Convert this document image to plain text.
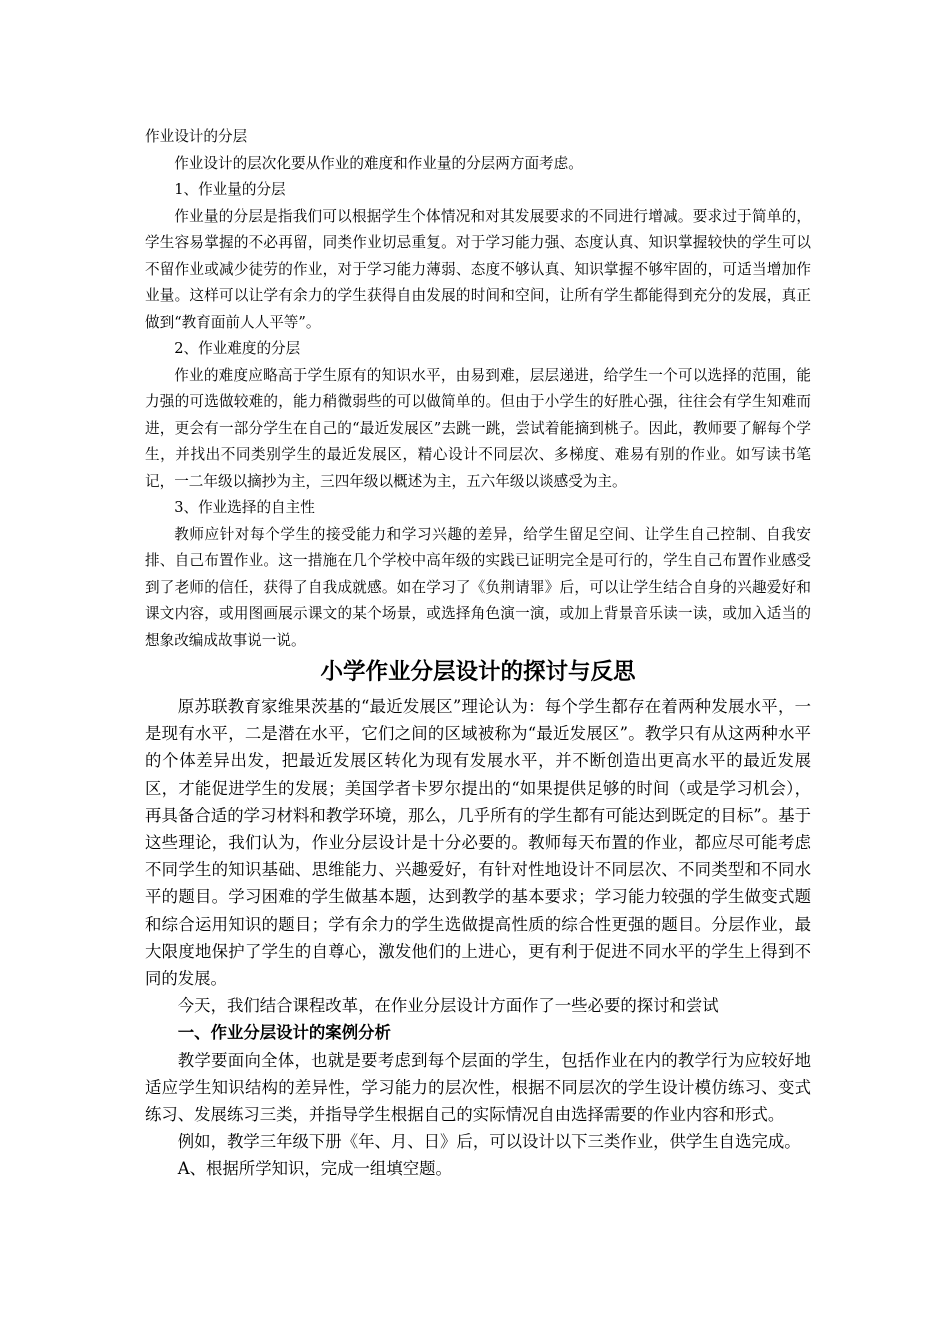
作业设计的分层

作业设计的层次化要从作业的难度和作业量的分层两方面考虑。

1、作业量的分层

作业量的分层是指我们可以根据学生个体情况和对其发展要求的不同进行增减。要求过于简单的，学生容易掌握的不必再留，同类作业切忌重复。对于学习能力强、态度认真、知识掌握较快的学生可以不留作业或减少徒劳的作业，对于学习能力薄弱、态度不够认真、知识掌握不够牢固的，可适当增加作业量。这样可以让学有余力的学生获得自由发展的时间和空间，让所有学生都能得到充分的发展，真正做到“教育面前人人平等”。

2、作业难度的分层

作业的难度应略高于学生原有的知识水平，由易到难，层层递进，给学生一个可以选择的范围，能力强的可选做较难的，能力稍微弱些的可以做简单的。但由于小学生的好胜心强，往往会有学生知难而进，更会有一部分学生在自己的“最近发展区”去跳一跳，尝试着能摘到桃子。因此，教师要了解每个学生，并找出不同类别学生的最近发展区，精心设计不同层次、多梯度、难易有别的作业。如写读书笔记，一二年级以摘抄为主，三四年级以概述为主，五六年级以谈感受为主。

3、作业选择的自主性

教师应针对每个学生的接受能力和学习兴趣的差异，给学生留足空间、让学生自己控制、自我安排、自己布置作业。这一措施在几个学校中高年级的实践已证明完全是可行的，学生自己布置作业感受到了老师的信任，获得了自我成就感。如在学习了《负荆请罪》后，可以让学生结合自身的兴趣爱好和课文内容，或用图画展示课文的某个场景，或选择角色演一演，或加上背景音乐读一读，或加入适当的想象改编成故事说一说。

小学作业分层设计的探讨与反思

原苏联教育家维果茨基的“最近发展区”理论认为：每个学生都存在着两种发展水平，一是现有水平，二是潜在水平，它们之间的区域被称为“最近发展区”。教学只有从这两种水平的个体差异出发，把最近发展区转化为现有发展水平，并不断创造出更高水平的最近发展区，才能促进学生的发展；美国学者卡罗尔提出的“如果提供足够的时间（或是学习机会），再具备合适的学习材料和教学环境，那么，几乎所有的学生都有可能达到既定的目标”。基于这些理论，我们认为，作业分层设计是十分必要的。教师每天布置的作业，都应尽可能考虑不同学生的知识基础、思维能力、兴趣爱好，有针对性地设计不同层次、不同类型和不同水平的题目。学习困难的学生做基本题，达到教学的基本要求；学习能力较强的学生做变式题和综合运用知识的题目；学有余力的学生选做提高性质的综合性更强的题目。分层作业，最大限度地保护了学生的自尊心，激发他们的上进心，更有利于促进不同水平的学生上得到不同的发展。

今天，我们结合课程改革，在作业分层设计方面作了一些必要的探讨和尝试

一、作业分层设计的案例分析

教学要面向全体，也就是要考虑到每个层面的学生，包括作业在内的教学行为应较好地适应学生知识结构的差异性，学习能力的层次性，根据不同层次的学生设计模仿练习、变式练习、发展练习三类，并指导学生根据自己的实际情况自由选择需要的作业内容和形式。

例如，教学三年级下册《年、月、日》后，可以设计以下三类作业，供学生自选完成。

A、根据所学知识，完成一组填空题。
